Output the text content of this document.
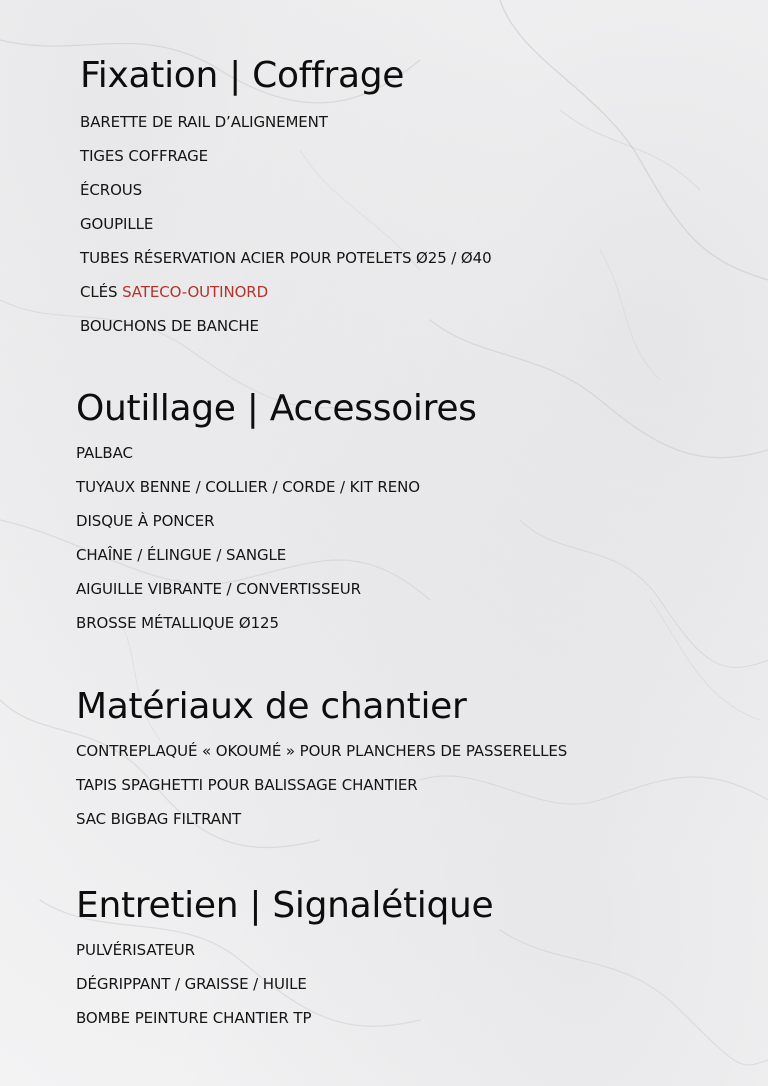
Fixation | Coffrage
BARETTE DE RAIL D’ALIGNEMENT
TIGES COFFRAGE
ÉCROUS
GOUPILLE
TUBES RÉSERVATION ACIER POUR POTELETS Ø25 / Ø40
CLÉS SATECO-OUTINORD
BOUCHONS DE BANCHE
Outillage | Accessoires
PALBAC
TUYAUX BENNE / COLLIER / CORDE / KIT RENO
DISQUE À PONCER
CHAÎNE / ÉLINGUE / SANGLE
AIGUILLE VIBRANTE / CONVERTISSEUR
BROSSE MÉTALLIQUE Ø125
Matériaux de chantier
CONTREPLAQUÉ « OKOUMÉ » POUR PLANCHERS DE PASSERELLES
TAPIS SPAGHETTI POUR BALISSAGE CHANTIER
SAC BIGBAG FILTRANT
Entretien | Signalétique
PULVÉRISATEUR
DÉGRIPPANT / GRAISSE / HUILE
BOMBE PEINTURE CHANTIER TP
